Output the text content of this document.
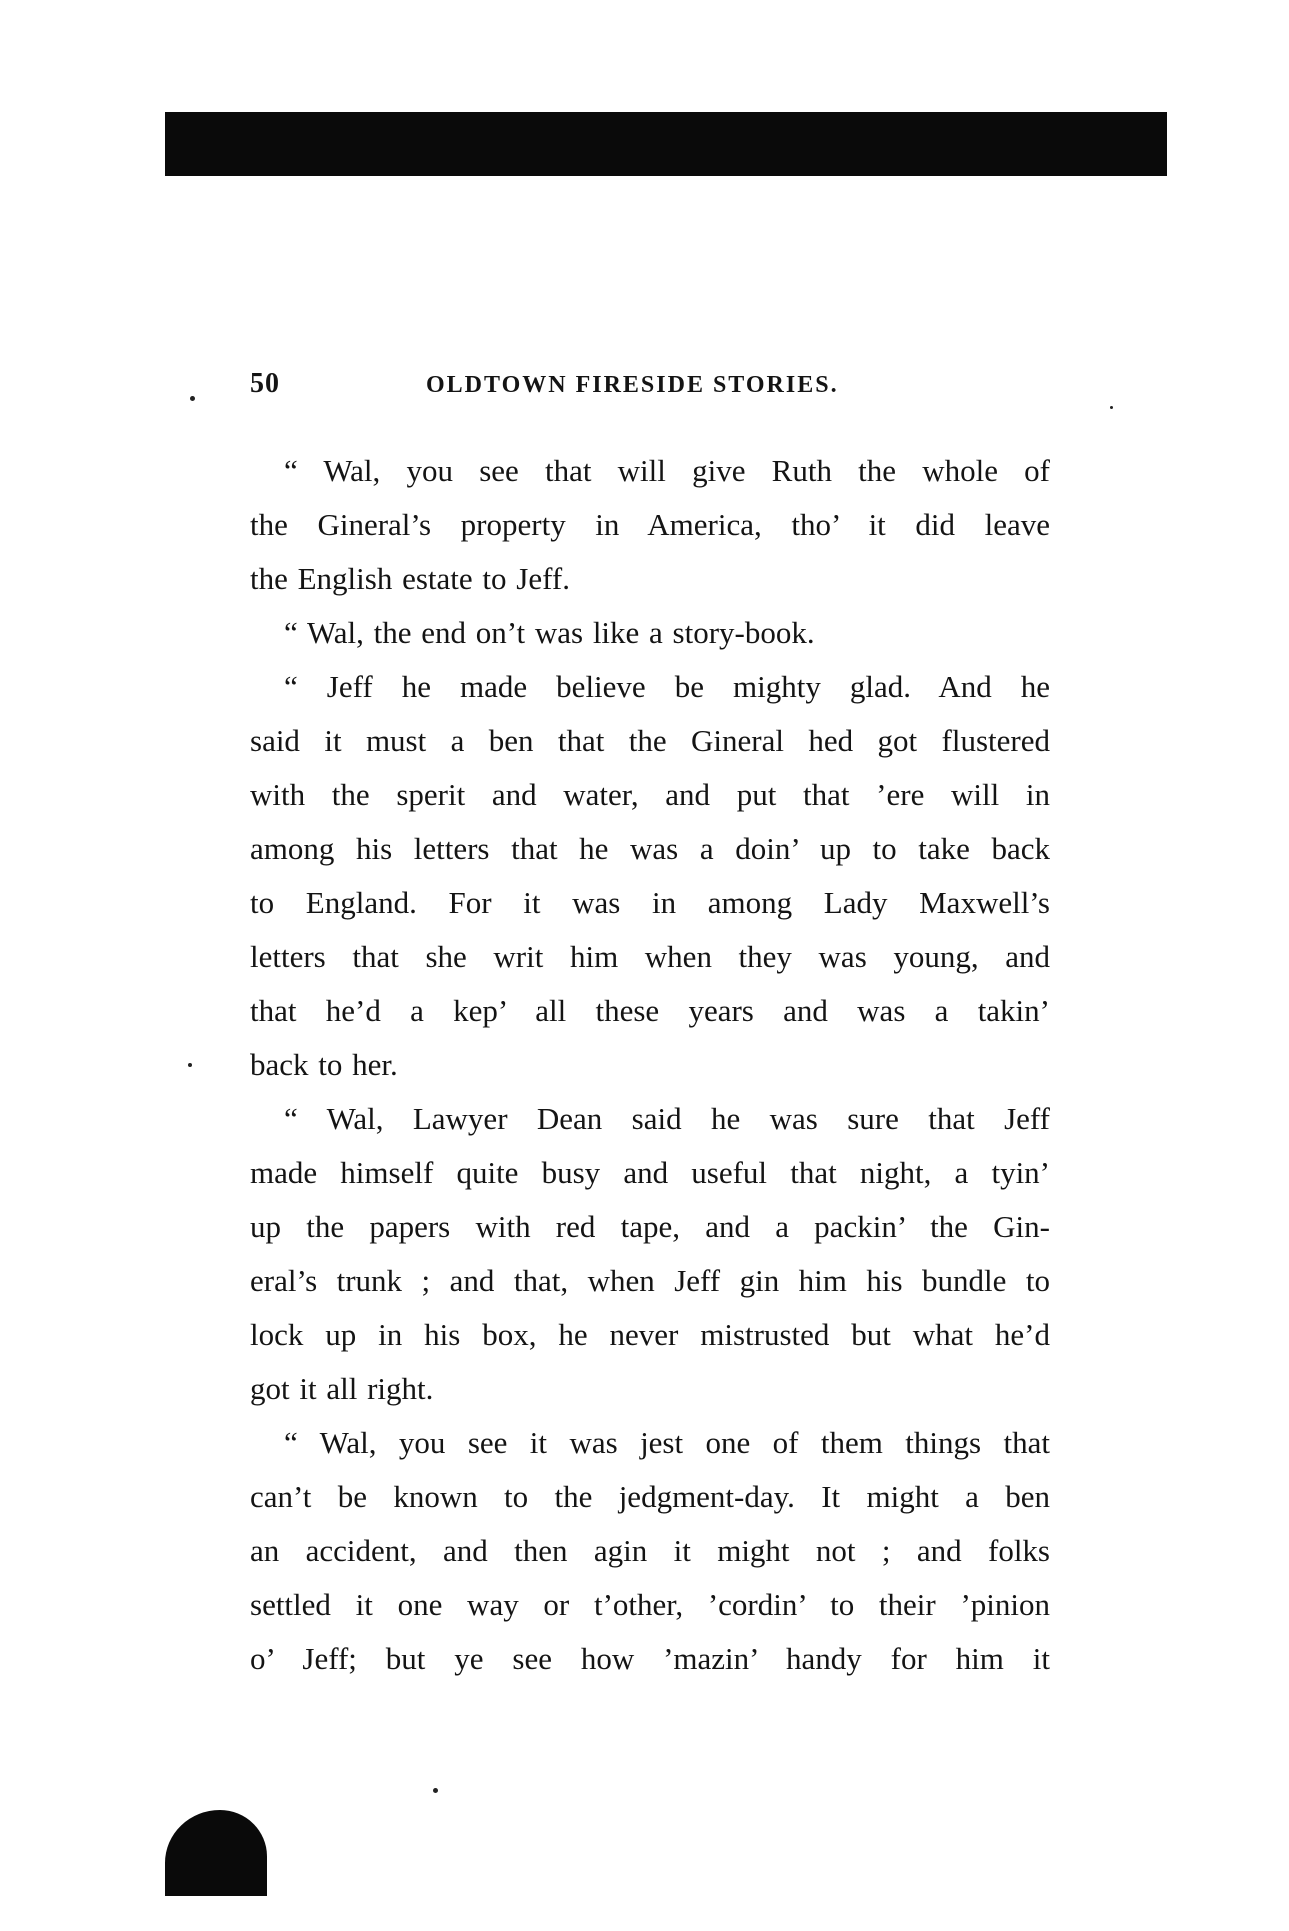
50	OLDTOWN FIRESIDE STORIES.
“ Wal, you see that will give Ruth the whole of
the Gineral’s property in America, tho’ it did leave
the English estate to Jeff.
“ Wal, the end on’t was like a story-book.
“ Jeff he made believe be mighty glad. And he
said it must a ben that the Gineral hed got flustered
with the sperit and water, and put that ’ere will in
among his letters that he was a doin’ up to take back
to England. For it was in among Lady Maxwell’s
letters that she writ him when they was young, and
that he’d a kep’ all these years and was a takin’
back to her.
“ Wal, Lawyer Dean said he was sure that Jeff
made himself quite busy and useful that night, a tyin’
up the papers with red tape, and a packin’ the Gin-
eral’s trunk ; and that, when Jeff gin him his bundle to
lock up in his box, he never mistrusted but what he’d
got it all right.
“ Wal, you see it was jest one of them things that
can’t be known to the jedgment-day. It might a ben
an accident, and then agin it might not ; and folks
settled it one way or t’other, ’cordin’ to their ’pinion
o’ Jeff; but ye see how ’mazin’ handy for him it
